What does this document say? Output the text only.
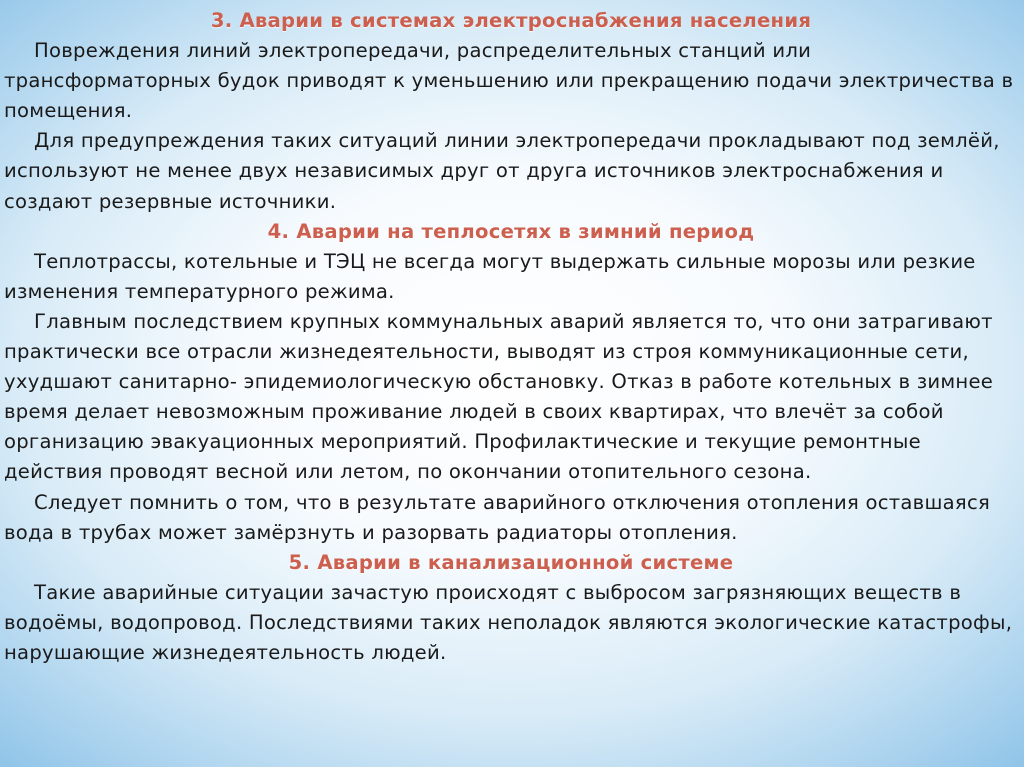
3. Аварии в системах электроснабжения населения

Повреждения линий электропередачи, распределительных станций или трансформаторных будок приводят к уменьшению или прекращению подачи электричества в помещения.

Для предупреждения таких ситуаций линии электропередачи прокладывают под землёй, используют не менее двух независимых друг от друга источников электроснабжения и создают резервные источники.

4. Аварии на теплосетях в зимний период

Теплотрассы, котельные и ТЭЦ не всегда могут выдержать сильные морозы или резкие изменения температурного режима.

Главным последствием крупных коммунальных аварий является то, что они затрагивают практически все отрасли жизнедеятельности, выводят из строя коммуникационные сети, ухудшают санитарно- эпидемиологическую обстановку. Отказ в работе котельных в зимнее время делает невозможным проживание людей в своих квартирах, что влечёт за собой организацию эвакуационных мероприятий. Профилактические и текущие ремонтные действия проводят весной или летом, по окончании отопительного сезона.

Следует помнить о том, что в результате аварийного отключения отопления оставшаяся вода в трубах может замёрзнуть и разорвать радиаторы отопления.

5. Аварии в канализационной системе

Такие аварийные ситуации зачастую происходят с выбросом загрязняющих веществ в водоёмы, водопровод. Последствиями таких неполадок являются экологические катастрофы, нарушающие жизнедеятельность людей.
